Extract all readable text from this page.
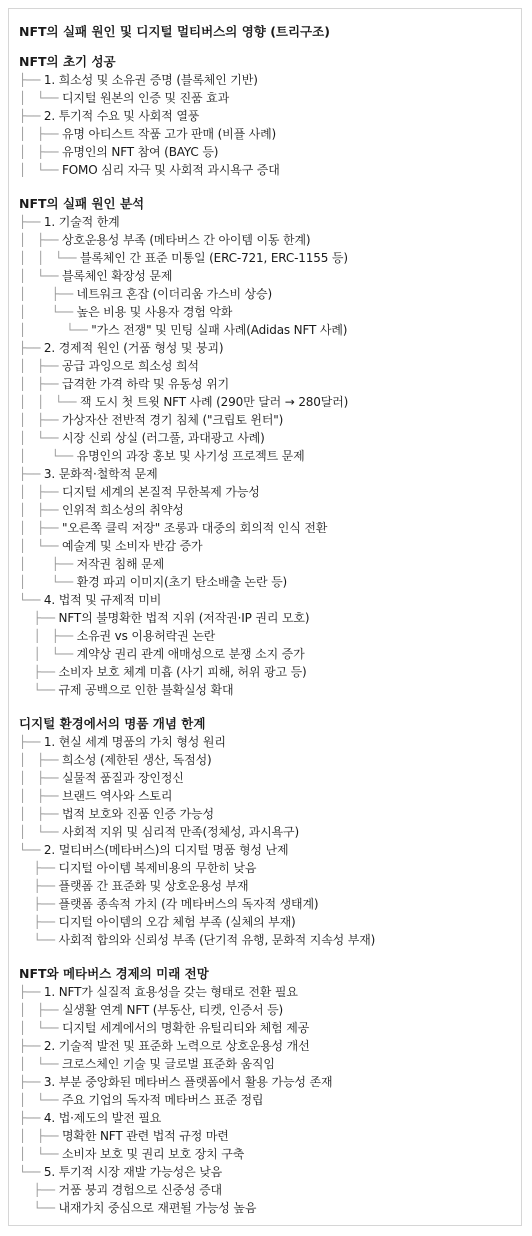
NFT의 실패 원인 및 디지털 멀티버스의 영향 (트리구조)
NFT의 초기 성공
├── 1. 희소성 및 소유권 증명 (블록체인 기반)
│   └── 디지털 원본의 인증 및 진품 효과
├── 2. 투기적 수요 및 사회적 열풍
│   ├── 유명 아티스트 작품 고가 판매 (비플 사례)
│   ├── 유명인의 NFT 참여 (BAYC 등)
│   └── FOMO 심리 자극 및 사회적 과시욕구 증대
NFT의 실패 원인 분석
├── 1. 기술적 한계
│   ├── 상호운용성 부족 (메타버스 간 아이템 이동 한계)
│   │   └── 블록체인 간 표준 미통일 (ERC-721, ERC-1155 등)
│   └── 블록체인 확장성 문제
│       ├── 네트워크 혼잡 (이더리움 가스비 상승)
│       └── 높은 비용 및 사용자 경험 악화
│           └── "가스 전쟁" 및 민팅 실패 사례(Adidas NFT 사례)
├── 2. 경제적 원인 (거품 형성 및 붕괴)
│   ├── 공급 과잉으로 희소성 희석
│   ├── 급격한 가격 하락 및 유동성 위기
│   │   └── 잭 도시 첫 트윗 NFT 사례 (290만 달러 → 280달러)
│   ├── 가상자산 전반적 경기 침체 ("크립토 윈터")
│   └── 시장 신뢰 상실 (러그풀, 과대광고 사례)
│       └── 유명인의 과장 홍보 및 사기성 프로젝트 문제
├── 3. 문화적·철학적 문제
│   ├── 디지털 세계의 본질적 무한복제 가능성
│   ├── 인위적 희소성의 취약성
│   ├── "오른쪽 클릭 저장" 조롱과 대중의 회의적 인식 전환
│   └── 예술계 및 소비자 반감 증가
│       ├── 저작권 침해 문제
│       └── 환경 파괴 이미지(초기 탄소배출 논란 등)
└── 4. 법적 및 규제적 미비
├── NFT의 불명확한 법적 지위 (저작권·IP 권리 모호)
│   ├── 소유권 vs 이용허락권 논란
│   └── 계약상 권리 관계 애매성으로 분쟁 소지 증가
├── 소비자 보호 체계 미흡 (사기 피해, 허위 광고 등)
└── 규제 공백으로 인한 불확실성 확대
디지털 환경에서의 명품 개념 한계
├── 1. 현실 세계 명품의 가치 형성 원리
│   ├── 희소성 (제한된 생산, 독점성)
│   ├── 실물적 품질과 장인정신
│   ├── 브랜드 역사와 스토리
│   ├── 법적 보호와 진품 인증 가능성
│   └── 사회적 지위 및 심리적 만족(정체성, 과시욕구)
└── 2. 멀티버스(메타버스)의 디지털 명품 형성 난제
├── 디지털 아이템 복제비용의 무한히 낮음
├── 플랫폼 간 표준화 및 상호운용성 부재
├── 플랫폼 종속적 가치 (각 메타버스의 독자적 생태계)
├── 디지털 아이템의 오감 체험 부족 (실체의 부재)
└── 사회적 합의와 신뢰성 부족 (단기적 유행, 문화적 지속성 부재)
NFT와 메타버스 경제의 미래 전망
├── 1. NFT가 실질적 효용성을 갖는 형태로 전환 필요
│   ├── 실생활 연계 NFT (부동산, 티켓, 인증서 등)
│   └── 디지털 세계에서의 명확한 유틸리티와 체험 제공
├── 2. 기술적 발전 및 표준화 노력으로 상호운용성 개선
│   └── 크로스체인 기술 및 글로벌 표준화 움직임
├── 3. 부분 중앙화된 메타버스 플랫폼에서 활용 가능성 존재
│   └── 주요 기업의 독자적 메타버스 표준 정립
├── 4. 법·제도의 발전 필요
│   ├── 명확한 NFT 관련 법적 규정 마련
│   └── 소비자 보호 및 권리 보호 장치 구축
└── 5. 투기적 시장 재발 가능성은 낮음
├── 거품 붕괴 경험으로 신중성 증대
└── 내재가치 중심으로 재편될 가능성 높음
